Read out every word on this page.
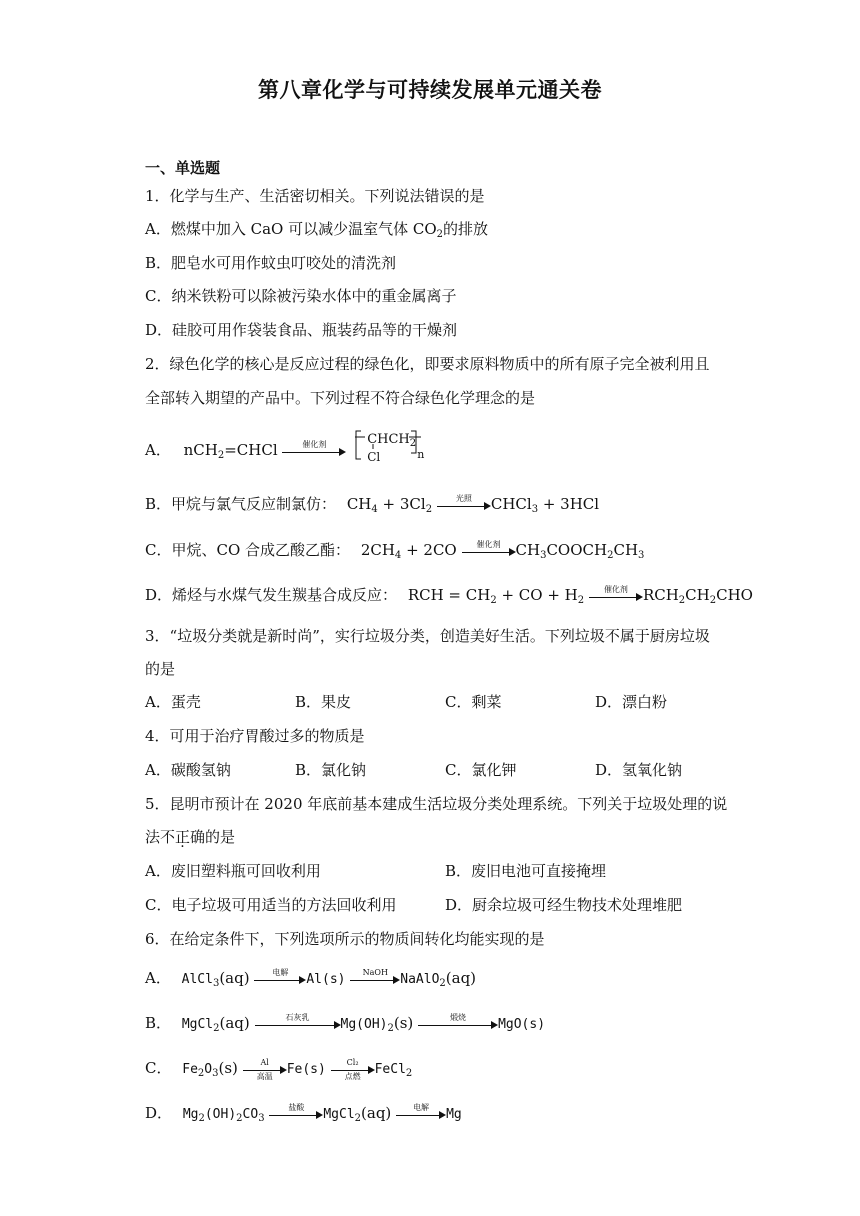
第八章化学与可持续发展单元通关卷
一、单选题
1．化学与生产、生活密切相关。下列说法错误的是
A．燃煤中加入 CaO 可以减少温室气体 $CO_2$的排放
B．肥皂水可用作蚊虫叮咬处的清洗剂
C．纳米铁粉可以除被污染水体中的重金属离子
D．硅胶可用作袋装食品、瓶装药品等的干燥剂
2．绿色化学的核心是反应过程的绿色化，即要求原料物质中的所有原子完全被利用且
全部转入期望的产品中。下列过程不符合绿色化学理念的是
A． nCH$_2$=CHCl	催化剂
	$CHCH_2$
Cl	n
B．甲烷与氯气反应制氯仿： $CH_4 + 3Cl_2$
光照	CHCl$_3$ + 3HCl
C．甲烷、CO 合成乙酸乙酯： $2CH_4 + 2CO$	催化剂	$CH_3COOCH_2CH_3$
D．烯烃与水煤气发生羰基合成反应： RCH = $CH_2$ + CO + $H_2$
催化剂	$RCH_2CH_2CHO$
3．“垃圾分类就是新时尚”，实行垃圾分类，创造美好生活。下列垃圾不属于厨房垃圾
的是
A．蛋壳	B．果皮	C．剩菜	D．漂白粉
4．可用于治疗胃酸过多的物质是
A．碳酸氢钠	B．氯化钠	C．氯化钾	D．氢氧化钠
5．昆明市预计在 2020 年底前基本建成生活垃圾分类处理系统。下列关于垃圾处理的说
法不正确的是
A．废旧塑料瓶可回收利用	B．废旧电池可直接掩埋
C．电子垃圾可用适当的方法回收利用	D．厨余垃圾可经生物技术处理堆肥
6．在给定条件下，下列选项所示的物质间转化均能实现的是
A． AlCl$_3$(aq)	电解	Al(s)	NaOH NaAlO$_2$(aq)
B． MgCl$_2$(aq)	石灰乳	$Mg(OH)_2(s)$	煅烧	MgO(s)
C． $Fe_2O_3(s)$	Al
高温	Fe(s)	Cl₂
点燃	FeCl$_2$
D． $Mg_2(OH)_2CO_3$
盐酸	MgCl$_2$(aq)	电解	Mg
